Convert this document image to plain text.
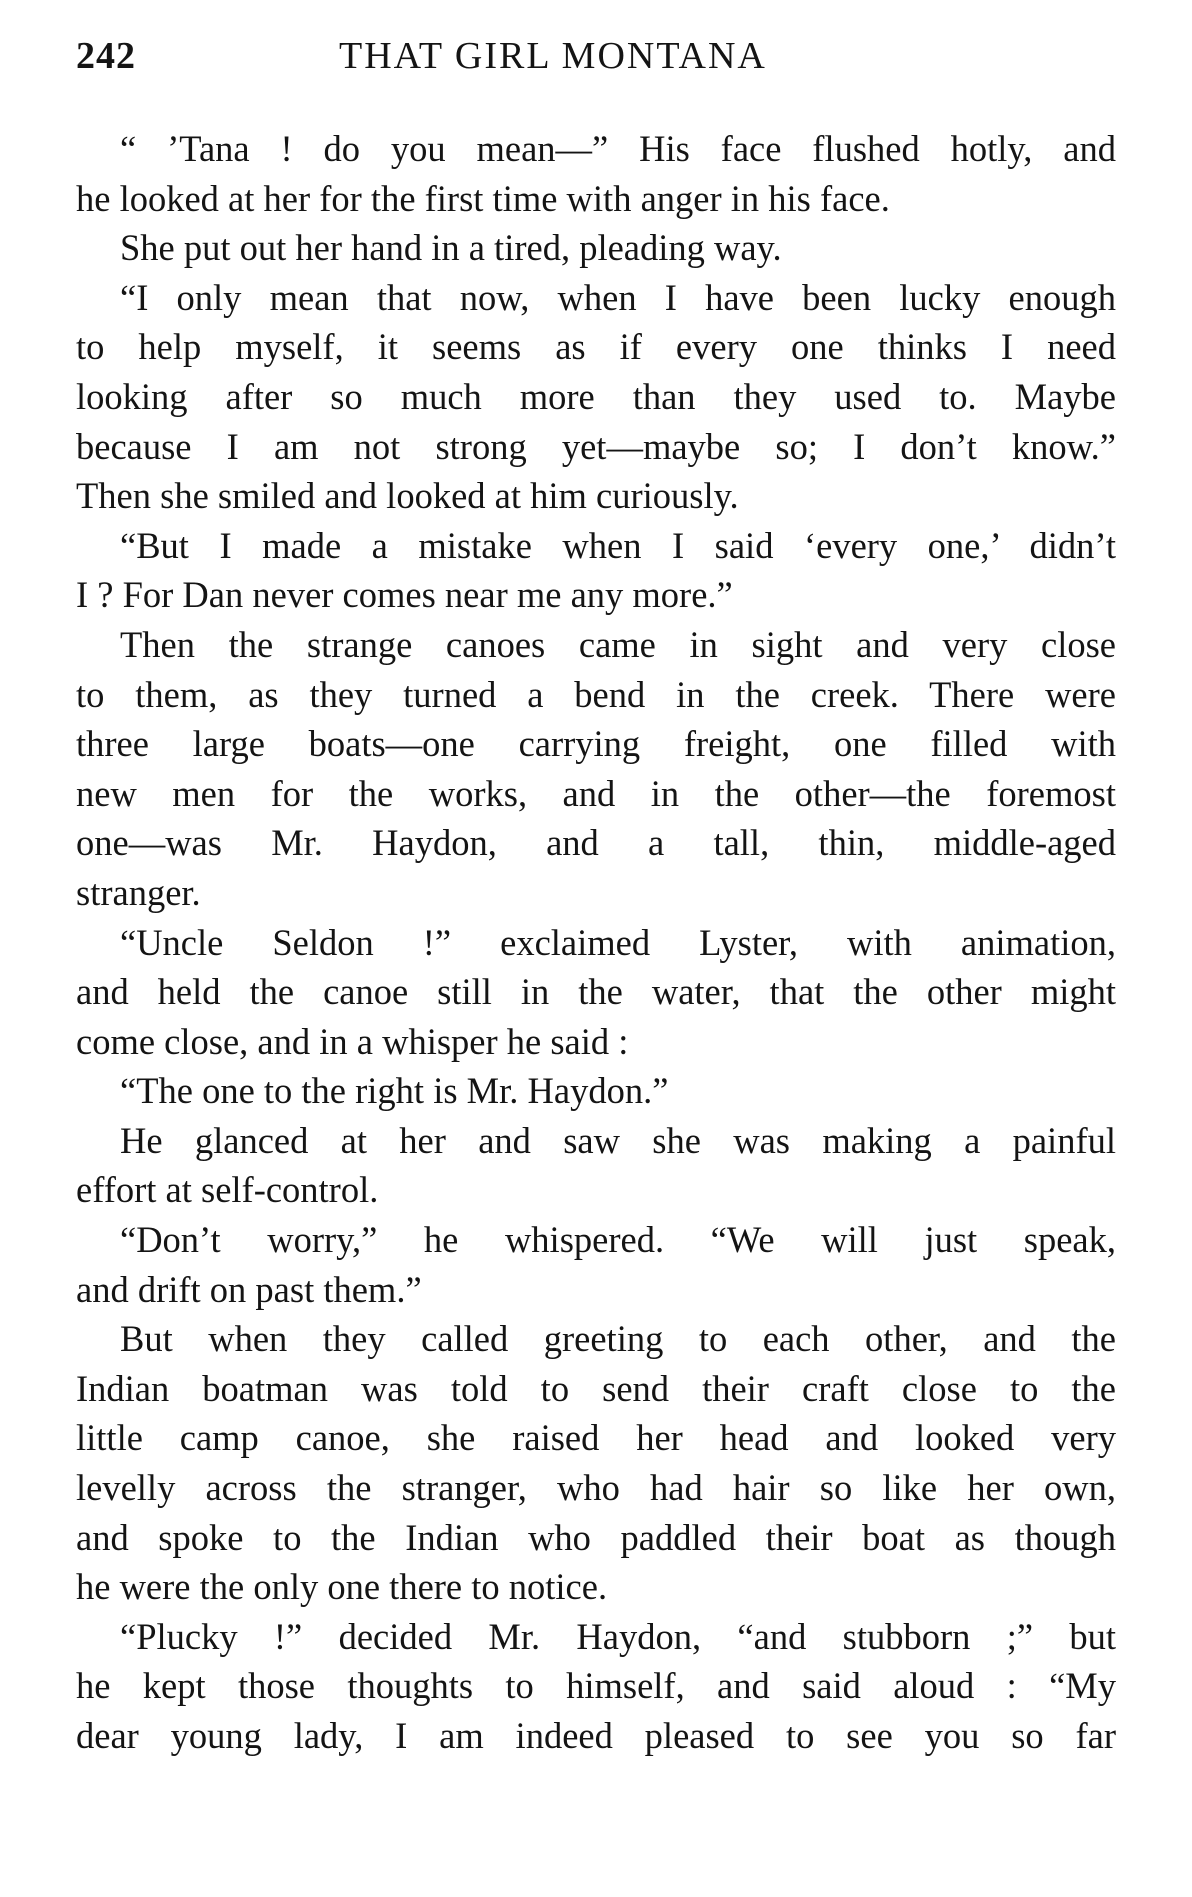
242	THAT GIRL MONTANA
“ ’Tana ! do you mean—” His face flushed hotly, and
he looked at her for the first time with anger in his face.
She put out her hand in a tired, pleading way.
“I only mean that now, when I have been lucky enough
to help myself, it seems as if every one thinks I need
looking after so much more than they used to. Maybe
because I am not strong yet—maybe so; I don’t know.”
Then she smiled and looked at him curiously.
“But I made a mistake when I said ‘every one,’ didn’t
I ? For Dan never comes near me any more.”
Then the strange canoes came in sight and very close
to them, as they turned a bend in the creek. There were
three large boats—one carrying freight, one filled with
new men for the works, and in the other—the foremost
one—was Mr. Haydon, and a tall, thin, middle-aged
stranger.
“Uncle Seldon !” exclaimed Lyster, with animation,
and held the canoe still in the water, that the other might
come close, and in a whisper he said :
“The one to the right is Mr. Haydon.”
He glanced at her and saw she was making a painful
effort at self-control.
“Don’t worry,” he whispered. “We will just speak,
and drift on past them.”
But when they called greeting to each other, and the
Indian boatman was told to send their craft close to the
little camp canoe, she raised her head and looked very
levelly across the stranger, who had hair so like her own,
and spoke to the Indian who paddled their boat as though
he were the only one there to notice.
“Plucky !” decided Mr. Haydon, “and stubborn ;” but
he kept those thoughts to himself, and said aloud : “My
dear young lady, I am indeed pleased to see you so far
